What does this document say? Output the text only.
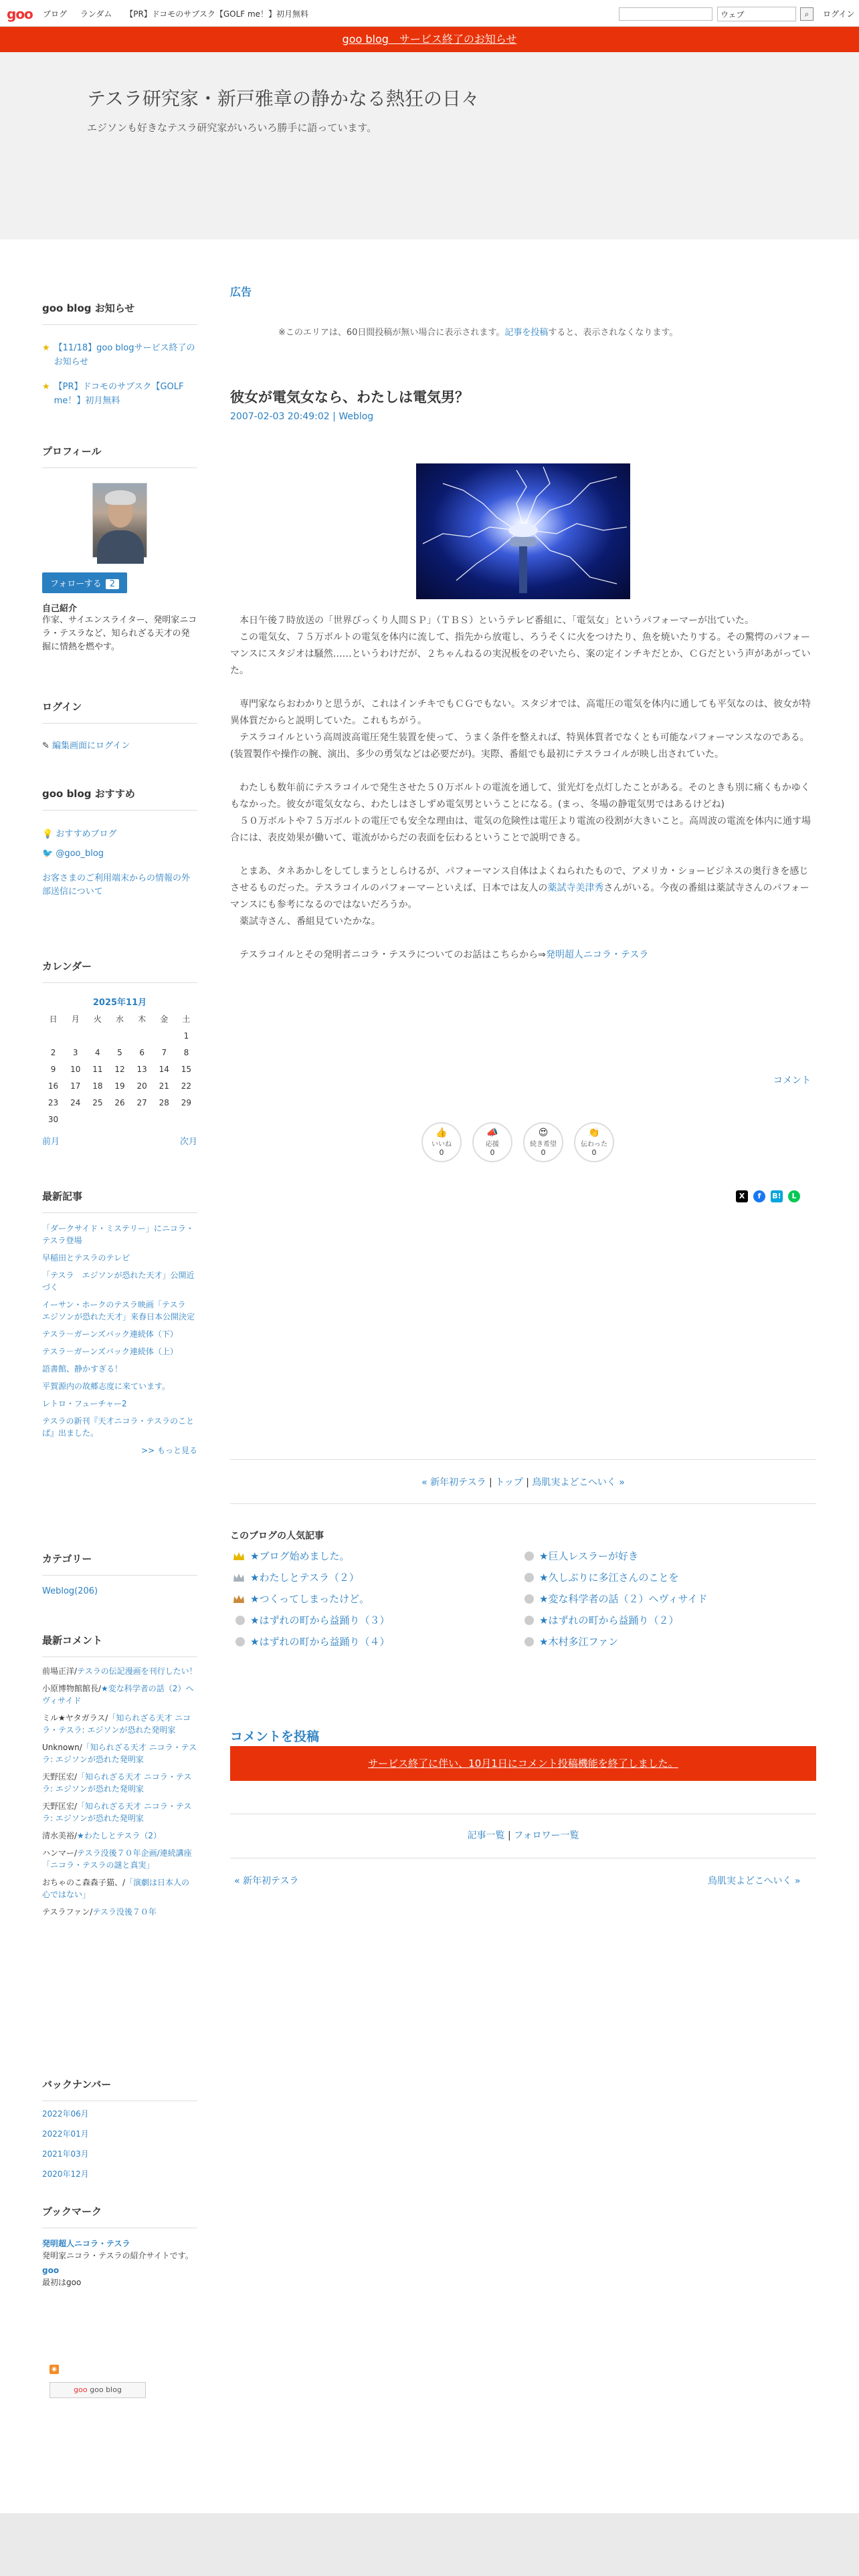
goo ブログ ランダム 【PR】ドコモのサブスク【GOLF me！】初月無料	ウェブ	⌕	ログイン
goo blog　サービス終了のお知らせ
テスラ研究家・新戸雅章の静かなる熱狂の日々
エジソンも好きなテスラ研究家がいろいろ勝手に語っています。
goo blog お知らせ
★ 【11/18】goo blogサービス終了のお知らせ
★ 【PR】ドコモのサブスク【GOLF me！】初月無料
プロフィール
フォローする 2
自己紹介
作家、サイエンスライター、発明家ニコラ・テスラなど、知られざる天才の発掘に情熱を燃やす。
ログイン
✎ 編集画面にログイン
goo blog おすすめ
💡 おすすめブログ
🐦 @goo_blog
お客さまのご利用端末からの情報の外部送信について
カレンダー
2025年11月
日	月	火	水	木	金	土
						1
2	3	4	5	6	7	8
9	10	11	12	13	14	15
16	17	18	19	20	21	22
23	24	25	26	27	28	29
30						
前月	次月
最新記事
「ダークサイド・ミステリー」にニコラ・テスラ登場
早稲田とテスラのテレビ
「テスラ　エジソンが恐れた天才」公開近づく
イーサン・ホークのテスラ映画「テスラ　エジソンが恐れた天才」来春日本公開決定
テスラ－ガーンズバック連続体（下）
テスラ－ガーンズバック連続体（上）
語書館、静かすぎる！
平賀源内の故郷志度に来ています。
レトロ・フューチャー2
テスラの新刊『天才ニコラ・テスラのことば』出ました。
>> もっと見る
カテゴリー
Weblog(206)
最新コメント
前場正洋/テスラの伝記漫画を刊行したい！
小原博物館館長/★変な科学者の話（2）ヘヴィサイド
ミル★ヤタガラス/「知られざる天才 ニコラ・テスラ: エジソンが恐れた発明家
Unknown/「知られざる天才 ニコラ・テスラ: エジソンが恐れた発明家
天野匡宏/「知られざる天才 ニコラ・テスラ: エジソンが恐れた発明家
天野匡宏/「知られざる天才 ニコラ・テスラ: エジソンが恐れた発明家
清水美裕/★わたしとテスラ（2）
ハンマー/テスラ没後７０年企画/連続講座「ニコラ・テスラの謎と真実」
おちゃのこ森森子猫、/「演劇は日本人の心ではない」
テスラファン/テスラ没後７０年
バックナンバー
2022年06月
2022年01月
2021年03月
2020年12月
ブックマーク
発明超人ニコラ・テスラ
発明家ニコラ・テスラの紹介サイトです。
goo
最初はgoo
◉
goo goo blog
広告
※このエリアは、60日間投稿が無い場合に表示されます。記事を投稿すると、表示されなくなります。
彼女が電気女なら、わたしは電気男？
2007-02-03 20:49:02 | Weblog

　本日午後７時放送の「世界びっくり人間ＳＰ」（ＴＢＳ）というテレビ番組に、「電気女」というパフォーマーが出ていた。

　この電気女、７５万ボルトの電気を体内に流して、指先から放電し、ろうそくに火をつけたり、魚を焼いたりする。その驚愕のパフォーマンスにスタジオは騒然……というわけだが、２ちゃんねるの実況板をのぞいたら、案の定インチキだとか、ＣＧだという声があがっていた。

　専門家ならおわかりと思うが、これはインチキでもＣＧでもない。スタジオでは、高電圧の電気を体内に通しても平気なのは、彼女が特異体質だからと説明していた。これもちがう。

　テスラコイルという高周波高電圧発生装置を使って、うまく条件を整えれば、特異体質者でなくとも可能なパフォーマンスなのである。(装置製作や操作の腕、演出、多少の勇気などは必要だが)。実際、番組でも最初にテスラコイルが映し出されていた。

　わたしも数年前にテスラコイルで発生させた５０万ボルトの電流を通して、蛍光灯を点灯したことがある。そのときも別に痛くもかゆくもなかった。彼女が電気女なら、わたしはさしずめ電気男ということになる。(まっ、冬場の静電気男ではあるけどね)

　５０万ボルトや７５万ボルトの電圧でも安全な理由は、電気の危険性は電圧より電流の役割が大きいこと。高周波の電流を体内に通す場合には、表皮効果が働いて、電流がからだの表面を伝わるということで説明できる。

　とまあ、タネあかしをしてしまうとしらけるが、パフォーマンス自体はよくねられたもので、アメリカ・ショービジネスの奥行きを感じさせるものだった。テスラコイルのパフォーマーといえば、日本では友人の薬試寺美津秀さんがいる。今夜の番組は薬試寺さんのパフォーマンスにも参考になるのではないだろうか。

　薬試寺さん、番組見ていたかな。

　テスラコイルとその発明者ニコラ・テスラについてのお話はこちらから⇒発明超人ニコラ・テスラ

コメント
👍
いいね
0
📣
応援
0
😍
続き希望
0
👏
伝わった
0
X	f	B!	L
« 新年初テスラ | トップ | 鳥肌実よどこへいく »
このブログの人気記事
★ブログ始めました。
★わたしとテスラ（２）
★つくってしまったけど。
★はずれの町から益踊り（３）
★はずれの町から益踊り（４）
★巨人レスラーが好き
★久しぶりに多江さんのことを
★変な科学者の話（２）ヘヴィサイド
★はずれの町から益踊り（２）
★木村多江ファン
コメントを投稿
サービス終了に伴い、10月1日にコメント投稿機能を終了しました。
記事一覧 | フォロワー一覧
« 新年初テスラ	鳥肌実よどこへいく »
